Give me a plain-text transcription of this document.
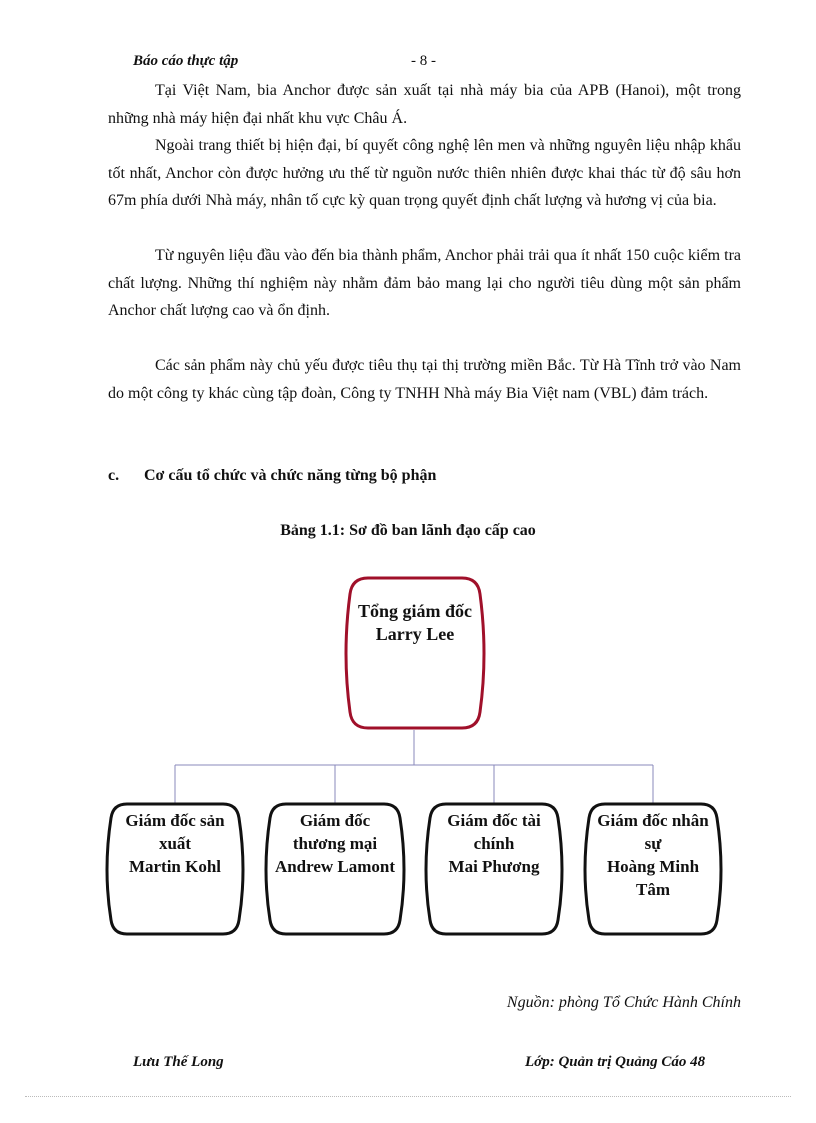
Báo cáo thực tập	- 8 -

Tại Việt Nam, bia Anchor được sản xuất tại nhà máy bia của APB (Hanoi), một trong những nhà máy hiện đại nhất khu vực Châu Á.

Ngoài trang thiết bị hiện đại, bí quyết công nghệ lên men và những nguyên liệu nhập khẩu tốt nhất, Anchor còn được hưởng ưu thế từ nguồn nước thiên nhiên được khai thác từ độ sâu hơn 67m phía dưới Nhà máy, nhân tố cực kỳ quan trọng quyết định chất lượng và hương vị của bia.

Từ nguyên liệu đầu vào đến bia thành phẩm, Anchor phải trải qua ít nhất 150 cuộc kiểm tra chất lượng. Những thí nghiệm này nhằm đảm bảo mang lại cho người tiêu dùng một sản phẩm Anchor chất lượng cao và ổn định.

Các sản phẩm này chủ yếu được tiêu thụ tại thị trường miền Bắc. Từ Hà Tĩnh trở vào Nam do một công ty khác cùng tập đoàn, Công ty TNHH Nhà máy Bia Việt nam (VBL) đảm trách.

c. Cơ cấu tổ chức và chức năng từng bộ phận
Bảng 1.1: Sơ đồ ban lãnh đạo cấp cao
Tổng giám đốc
Larry Lee
Giám đốc sản
xuất
Martin Kohl
Giám đốc
thương mại
Andrew Lamont
Giám đốc tài
chính
Mai Phương
Giám đốc nhân
sự
Hoàng Minh
Tâm
Nguồn: phòng Tổ Chức Hành Chính
Lưu Thế Long	Lớp: Quản trị Quảng Cáo 48
